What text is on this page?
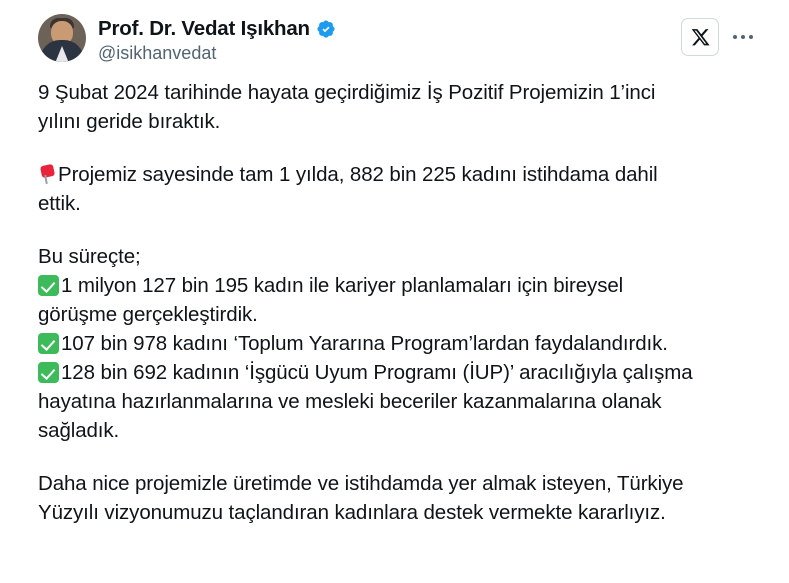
Prof. Dr. Vedat Işıkhan
@isikhanvedat

9 Şubat 2024 tarihinde hayata geçirdiğimiz İş Pozitif Projemizin 1’inci
yılını geride bıraktık.

Projemiz sayesinde tam 1 yılda, 882 bin 225 kadını istihdama dahil
ettik.

Bu süreçte;
1 milyon 127 bin 195 kadın ile kariyer planlamaları için bireysel
görüşme gerçekleştirdik.
107 bin 978 kadını ‘Toplum Yararına Program’lardan faydalandırdık.
128 bin 692 kadının ‘İşgücü Uyum Programı (İUP)’ aracılığıyla çalışma
hayatına hazırlanmalarına ve mesleki beceriler kazanmalarına olanak
sağladık.

Daha nice projemizle üretimde ve istihdamda yer almak isteyen, Türkiye
Yüzyılı vizyonumuzu taçlandıran kadınlara destek vermekte kararlıyız.
